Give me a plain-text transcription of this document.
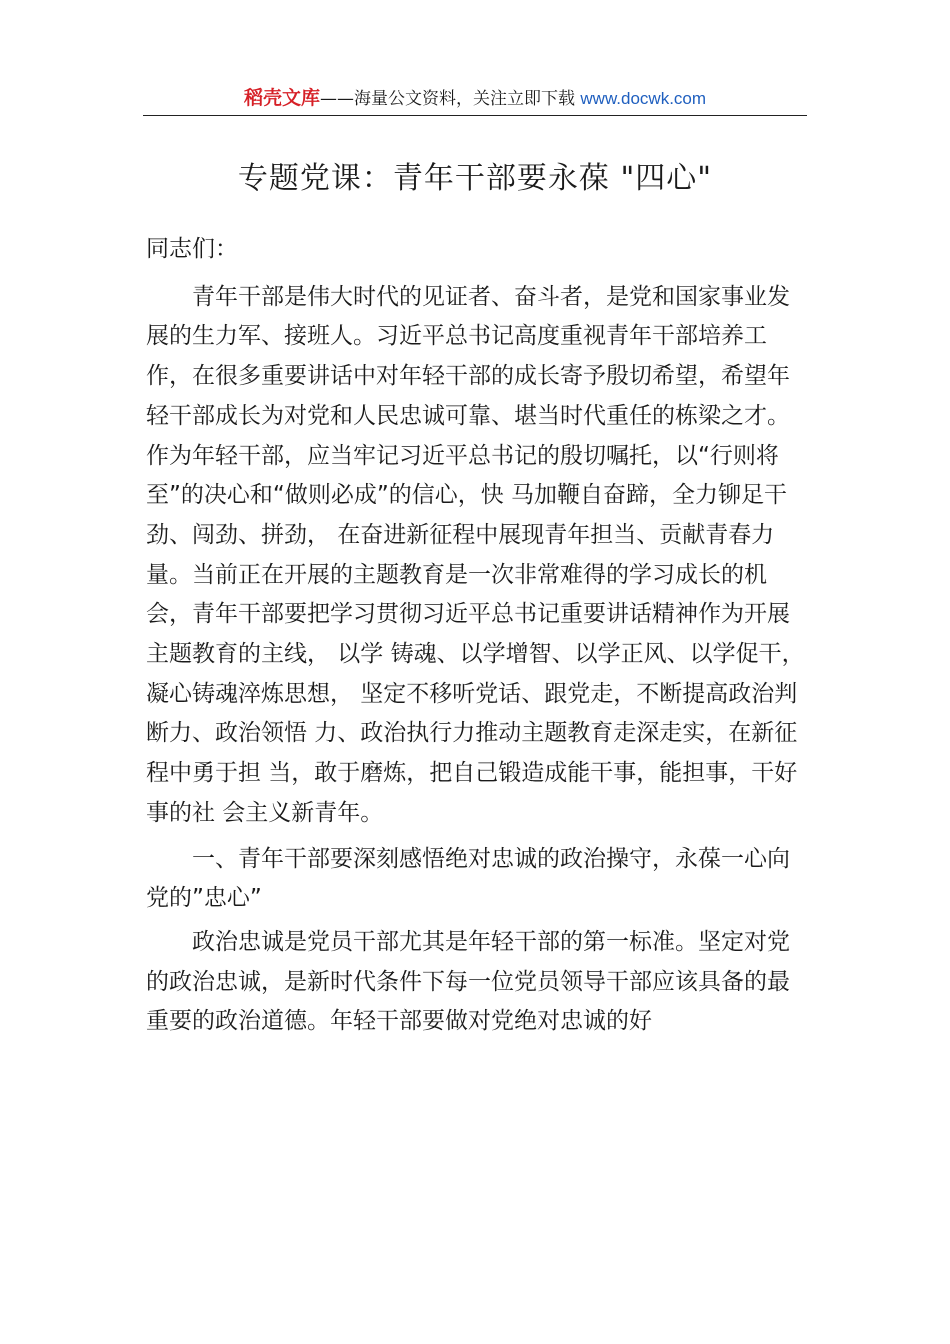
稻壳文库——海量公文资料，关注立即下载 www.docwk.com
专题党课：青年干部要永葆 "四心"

同志们：

青年干部是伟大时代的见证者、奋斗者，是党和国家事业发展的生力军、接班人。习近平总书记高度重视青年干部培养工作，在很多重要讲话中对年轻干部的成长寄予殷切希望，希望年轻干部成长为对党和人民忠诚可靠、堪当时代重任的栋梁之才。作为年轻干部，应当牢记习近平总书记的殷切嘱托，以“行则将至”的决心和“做则必成”的信心，快 马加鞭自奋蹄，全力铆足干劲、闯劲、拼劲， 在奋进新征程中展现青年担当、贡献青春力量。当前正在开展的主题教育是一次非常难得的学习成长的机会，青年干部要把学习贯彻习近平总书记重要讲话精神作为开展主题教育的主线， 以学 铸魂、以学增智、以学正风、以学促干，凝心铸魂淬炼思想， 坚定不移听党话、跟党走，不断提高政治判断力、政治领悟 力、政治执行力推动主题教育走深走实，在新征程中勇于担 当，敢于磨炼，把自己锻造成能干事，能担事，干好事的社 会主义新青年。

一、青年干部要深刻感悟绝对忠诚的政治操守，永葆一心向党的”忠心”

政治忠诚是党员干部尤其是年轻干部的第一标准。坚定对党的政治忠诚，是新时代条件下每一位党员领导干部应该具备的最重要的政治道德。年轻干部要做对党绝对忠诚的好
